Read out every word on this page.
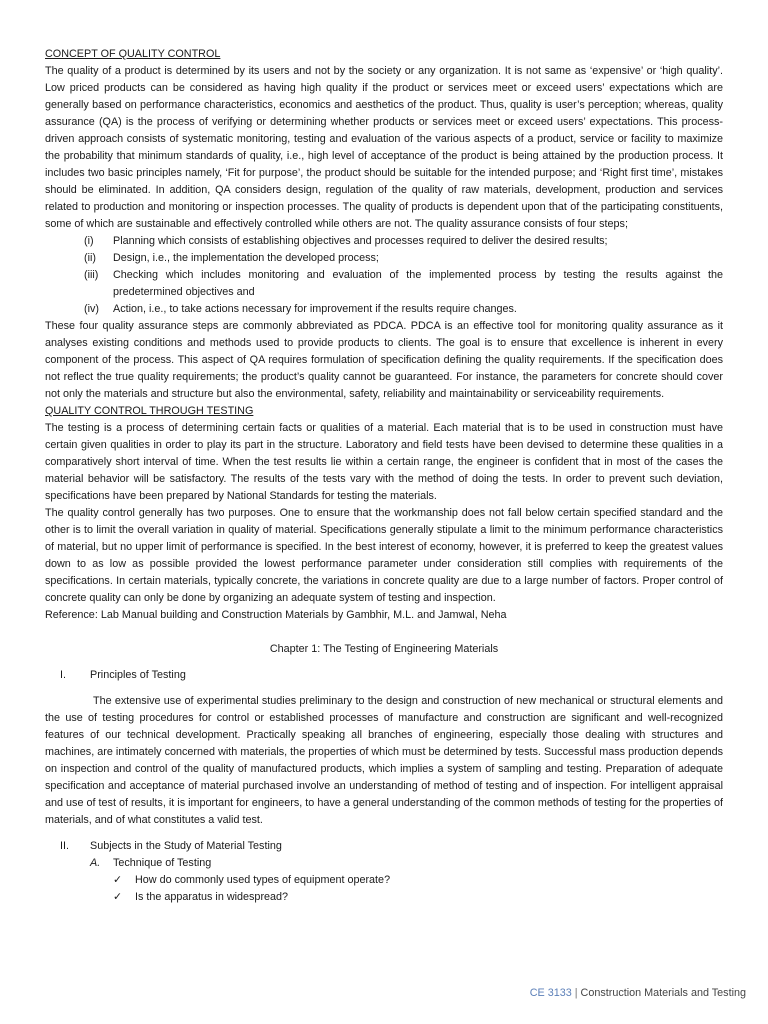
CONCEPT OF QUALITY CONTROL

The quality of a product is determined by its users and not by the society or any organization. It is not same as ‘expensive’ or ‘high quality’. Low priced products can be considered as having high quality if the product or services meet or exceed users’ expectations which are generally based on performance characteristics, economics and aesthetics of the product. Thus, quality is user’s perception; whereas, quality assurance (QA) is the process of verifying or determining whether products or services meet or exceed users’ expectations. This process-driven approach consists of systematic monitoring, testing and evaluation of the various aspects of a product, service or facility to maximize the probability that minimum standards of quality, i.e., high level of acceptance of the product is being attained by the production process. It includes two basic principles namely, ‘Fit for purpose’, the product should be suitable for the intended purpose; and ‘Right first time’, mistakes should be eliminated. In addition, QA considers design, regulation of the quality of raw materials, development, production and services related to production and monitoring or inspection processes. The quality of products is dependent upon that of the participating constituents, some of which are sustainable and effectively controlled while others are not. The quality assurance consists of four steps;

(i) Planning which consists of establishing objectives and processes required to deliver the desired results;
(ii) Design, i.e., the implementation the developed process;
(iii) Checking which includes monitoring and evaluation of the implemented process by testing the results against the predetermined objectives and
(iv) Action, i.e., to take actions necessary for improvement if the results require changes.

These four quality assurance steps are commonly abbreviated as PDCA. PDCA is an effective tool for monitoring quality assurance as it analyses existing conditions and methods used to provide products to clients. The goal is to ensure that excellence is inherent in every component of the process. This aspect of QA requires formulation of specification defining the quality requirements. If the specification does not reflect the true quality requirements; the product’s quality cannot be guaranteed. For instance, the parameters for concrete should cover not only the materials and structure but also the environmental, safety, reliability and maintainability or serviceability requirements.

QUALITY CONTROL THROUGH TESTING

The testing is a process of determining certain facts or qualities of a material. Each material that is to be used in construction must have certain given qualities in order to play its part in the structure. Laboratory and field tests have been devised to determine these qualities in a comparatively short interval of time. When the test results lie within a certain range, the engineer is confident that in most of the cases the material behavior will be satisfactory. The results of the tests vary with the method of doing the tests. In order to prevent such deviation, specifications have been prepared by National Standards for testing the materials.

The quality control generally has two purposes. One to ensure that the workmanship does not fall below certain specified standard and the other is to limit the overall variation in quality of material. Specifications generally stipulate a limit to the minimum performance characteristics of material, but no upper limit of performance is specified. In the best interest of economy, however, it is preferred to keep the greatest values down to as low as possible provided the lowest performance parameter under consideration still complies with requirements of the specifications. In certain materials, typically concrete, the variations in concrete quality are due to a large number of factors. Proper control of concrete quality can only be done by organizing an adequate system of testing and inspection.

Reference: Lab Manual building and Construction Materials by Gambhir, M.L. and Jamwal, Neha

Chapter 1: The Testing of Engineering Materials

I. Principles of Testing

The extensive use of experimental studies preliminary to the design and construction of new mechanical or structural elements and the use of testing procedures for control or established processes of manufacture and construction are significant and well-recognized features of our technical development. Practically speaking all branches of engineering, especially those dealing with structures and machines, are intimately concerned with materials, the properties of which must be determined by tests. Successful mass production depends on inspection and control of the quality of manufactured products, which implies a system of sampling and testing. Preparation of adequate specification and acceptance of material purchased involve an understanding of method of testing and of inspection. For intelligent appraisal and use of test of results, it is important for engineers, to have a general understanding of the common methods of testing for the properties of materials, and of what constitutes a valid test.

II. Subjects in the Study of Material Testing

A. Technique of Testing

✓ How do commonly used types of equipment operate?
✓ Is the apparatus in widespread?
CE 3133 | Construction Materials and Testing
